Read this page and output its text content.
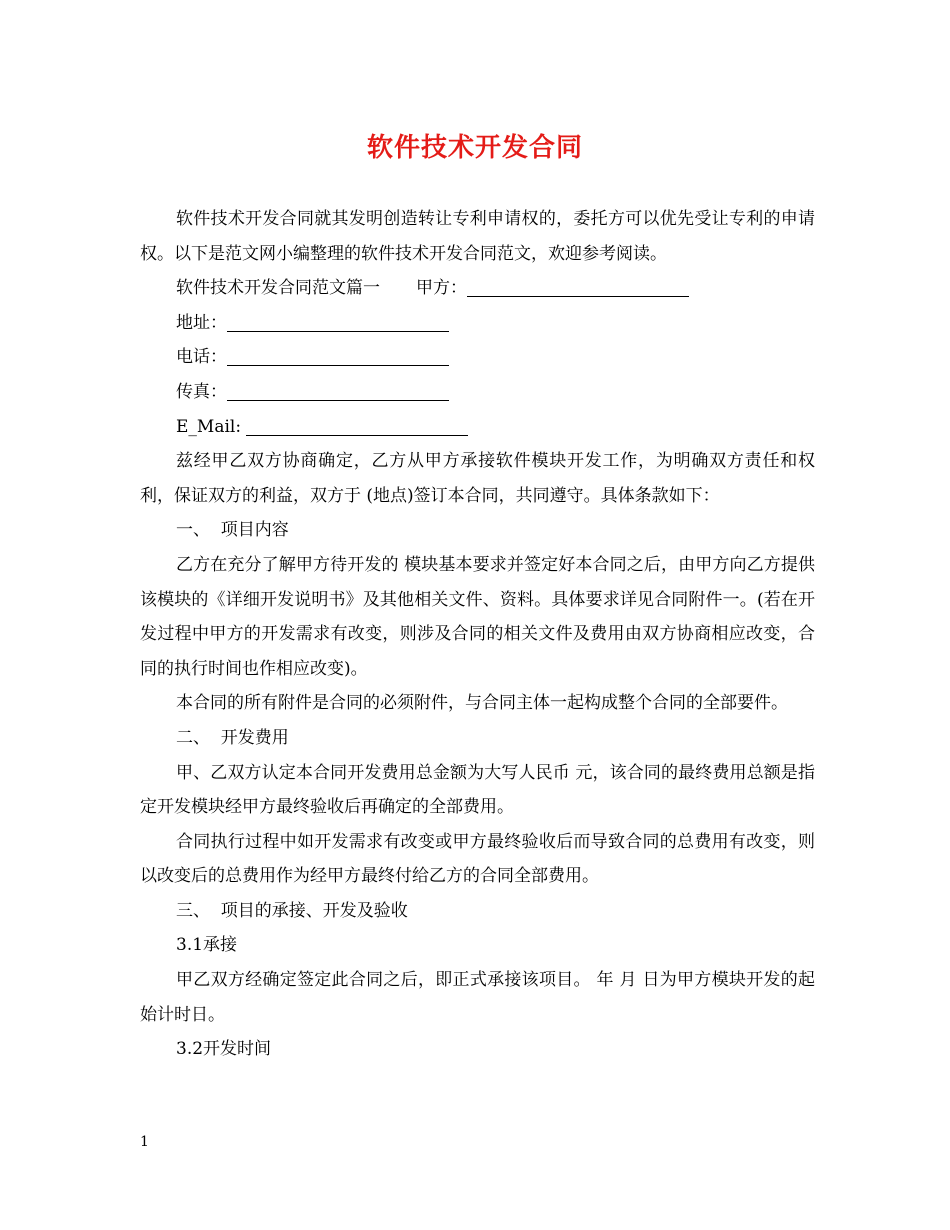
软件技术开发合同

软件技术开发合同就其发明创造转让专利申请权的，委托方可以优先受让专利的申请权。以下是范文网小编整理的软件技术开发合同范文，欢迎参考阅读。

软件技术开发合同范文篇一 甲方：

地址：

电话：

传真：

E_Mail:

兹经甲乙双方协商确定，乙方从甲方承接软件模块开发工作，为明确双方责任和权利，保证双方的利益，双方于 (地点)签订本合同，共同遵守。具体条款如下：

一、  项目内容

乙方在充分了解甲方待开发的 模块基本要求并签定好本合同之后，由甲方向乙方提供该模块的《详细开发说明书》及其他相关文件、资料。具体要求详见合同附件一。(若在开发过程中甲方的开发需求有改变，则涉及合同的相关文件及费用由双方协商相应改变，合同的执行时间也作相应改变)。

本合同的所有附件是合同的必须附件，与合同主体一起构成整个合同的全部要件。

二、  开发费用

甲、乙双方认定本合同开发费用总金额为大写人民币 元，该合同的最终费用总额是指定开发模块经甲方最终验收后再确定的全部费用。

合同执行过程中如开发需求有改变或甲方最终验收后而导致合同的总费用有改变，则以改变后的总费用作为经甲方最终付给乙方的合同全部费用。

三、  项目的承接、开发及验收

3.1承接

甲乙双方经确定签定此合同之后，即正式承接该项目。 年 月 日为甲方模块开发的起始计时日。

3.2开发时间

1
